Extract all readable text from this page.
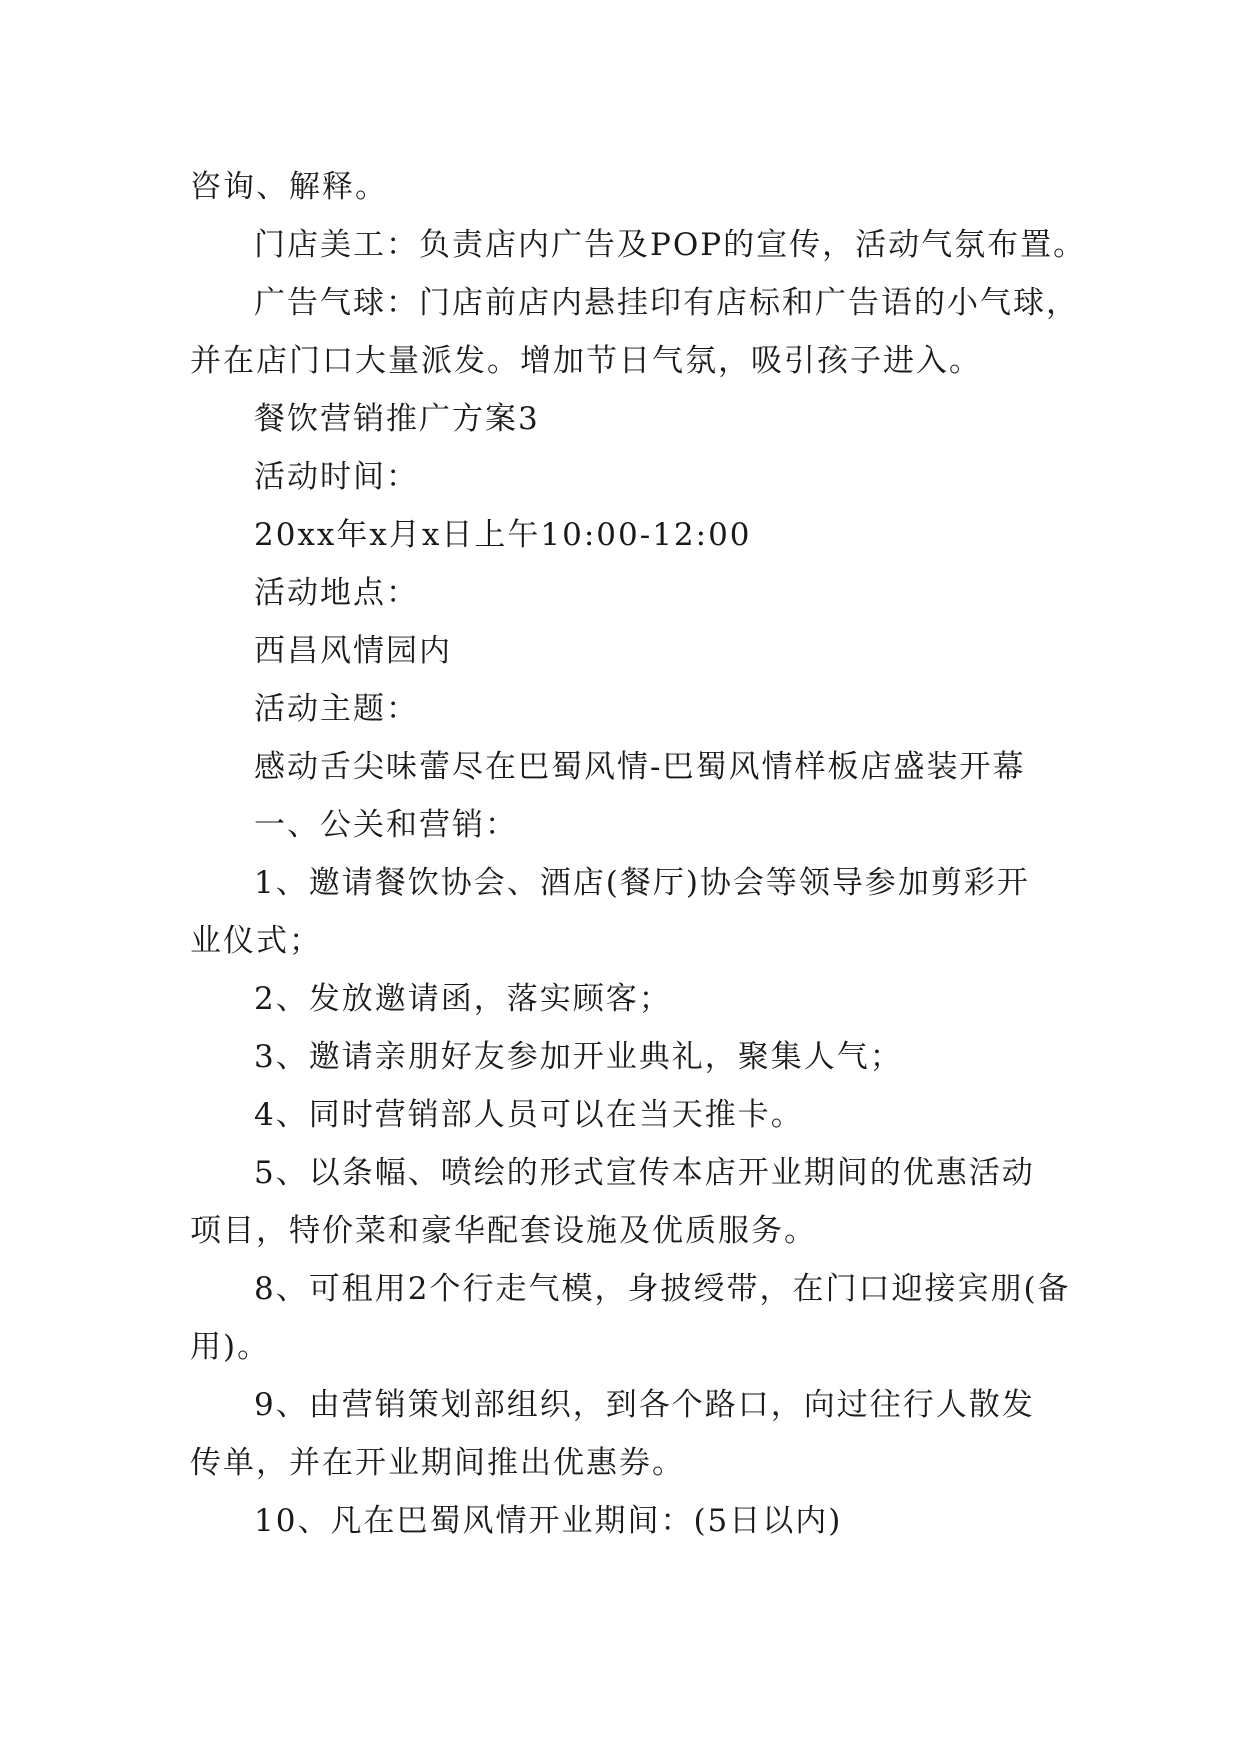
咨询、解释。
门店美工：负责店内广告及POP的宣传，活动气氛布置。
广告气球：门店前店内悬挂印有店标和广告语的小气球，
并在店门口大量派发。增加节日气氛，吸引孩子进入。
餐饮营销推广方案3
活动时间：
20xx年x月x日上午10:00-12:00
活动地点：
西昌风情园内
活动主题：
感动舌尖味蕾尽在巴蜀风情-巴蜀风情样板店盛装开幕
一、公关和营销：
1、邀请餐饮协会、酒店(餐厅)协会等领导参加剪彩开
业仪式；
2、发放邀请函，落实顾客；
3、邀请亲朋好友参加开业典礼，聚集人气；
4、同时营销部人员可以在当天推卡。
5、以条幅、喷绘的形式宣传本店开业期间的优惠活动
项目，特价菜和豪华配套设施及优质服务。
8、可租用2个行走气模，身披绶带，在门口迎接宾朋(备
用)。
9、由营销策划部组织，到各个路口，向过往行人散发
传单，并在开业期间推出优惠券。
10、凡在巴蜀风情开业期间：(5日以内)
